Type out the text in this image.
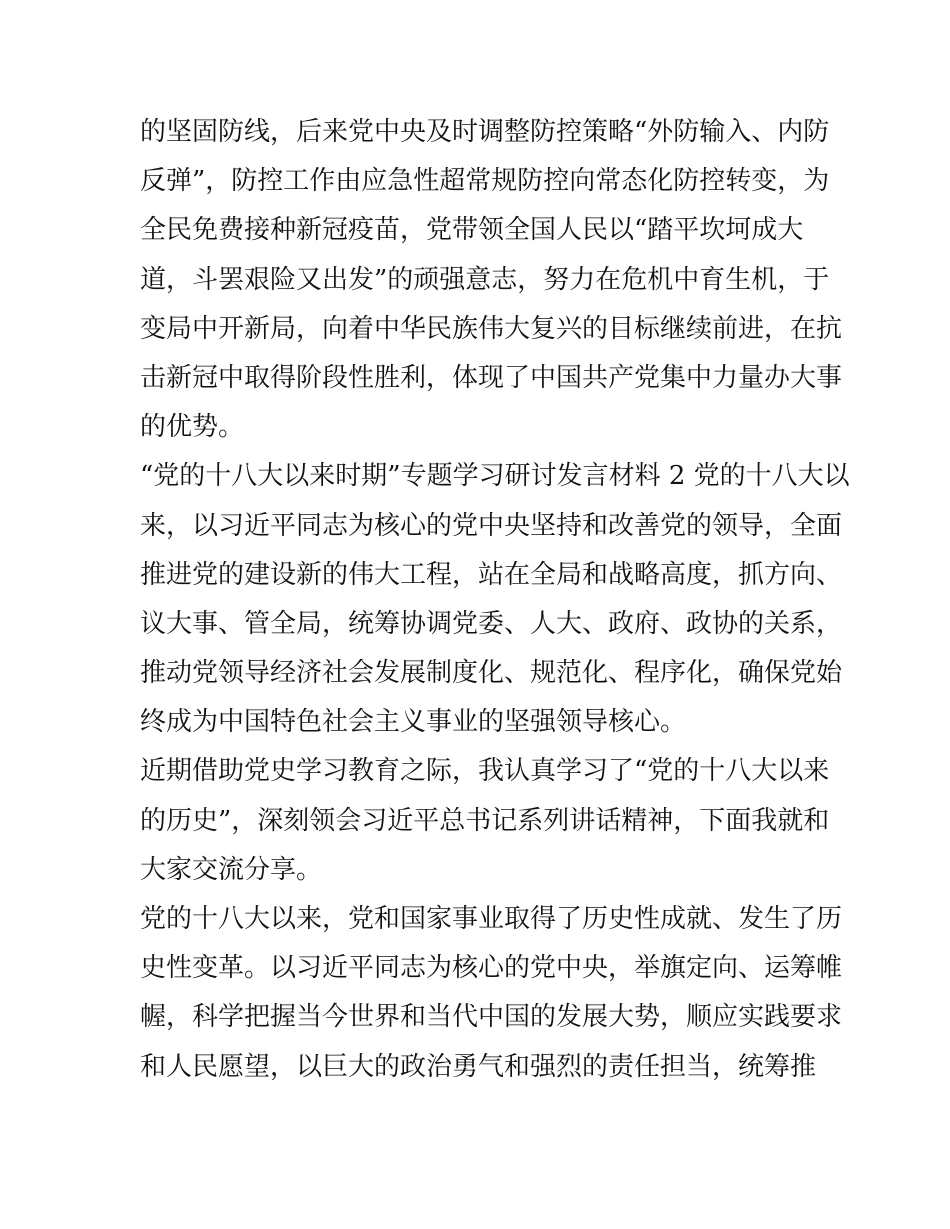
的坚固防线，后来党中央及时调整防控策略“外防输入、内防
反弹”，防控工作由应急性超常规防控向常态化防控转变，为
全民免费接种新冠疫苗，党带领全国人民以“踏平坎坷成大
道，斗罢艰险又出发”的顽强意志，努力在危机中育生机，于
变局中开新局，向着中华民族伟大复兴的目标继续前进，在抗
击新冠中取得阶段性胜利，体现了中国共产党集中力量办大事
的优势。
“党的十八大以来时期”专题学习研讨发言材料 2 党的十八大以
来，以习近平同志为核心的党中央坚持和改善党的领导，全面
推进党的建设新的伟大工程，站在全局和战略高度，抓方向、
议大事、管全局，统筹协调党委、人大、政府、政协的关系，
推动党领导经济社会发展制度化、规范化、程序化，确保党始
终成为中国特色社会主义事业的坚强领导核心。
近期借助党史学习教育之际，我认真学习了“党的十八大以来
的历史”，深刻领会习近平总书记系列讲话精神，下面我就和
大家交流分享。
党的十八大以来，党和国家事业取得了历史性成就、发生了历
史性变革。以习近平同志为核心的党中央，举旗定向、运筹帷
幄，科学把握当今世界和当代中国的发展大势，顺应实践要求
和人民愿望，以巨大的政治勇气和强烈的责任担当，统筹推
